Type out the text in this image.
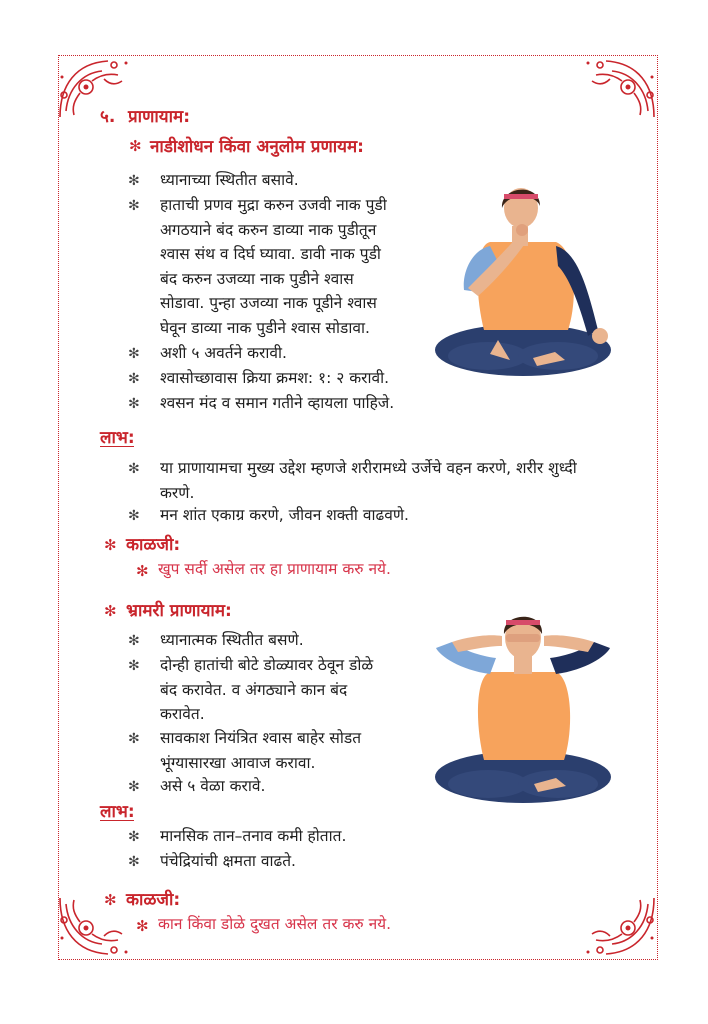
५. प्राणायाम:
✻ नाडीशोधन किंवा अनुलोम प्रणायम:
✻ ध्यानाच्या स्थितीत बसावे.
✻ हाताची प्रणव मुद्रा करुन उजवी नाक पुडी
अगठयाने बंद करुन डाव्या नाक पुडीतून
श्वास संथ व दिर्घ घ्यावा. डावी नाक पुडी
बंद करुन उजव्या नाक पुडीने श्वास
सोडावा. पुन्हा उजव्या नाक पूडीने श्वास
घेवून डाव्या नाक पुडीने श्वास सोडावा.
✻ अशी ५ अवर्तने करावी.
✻ श्वासोच्छावास क्रिया क्रमश: १: २ करावी.
✻ श्वसन मंद व समान गतीने व्हायला पाहिजे.
लाभ:
✻ या प्राणायामचा मुख्य उद्देश म्हणजे शरीरामध्ये उर्जेचे वहन करणे, शरीर शुध्दी
करणे.
✻ मन शांत एकाग्र करणे, जीवन शक्ती वाढवणे.
✻ काळजी:
✻ खुप सर्दी असेल तर हा प्राणायाम करु नये.
✻ भ्रामरी प्राणायाम:
✻ ध्यानात्मक स्थितीत बसणे.
✻ दोन्ही हातांची बोटे डोळ्यावर ठेवून डोळे
बंद करावेत. व अंगठ्याने कान बंद
करावेत.
✻ सावकाश नियंत्रित श्वास बाहेर सोडत
भूंग्यासारखा आवाज करावा.
✻ असे ५ वेळा करावे.
लाभ:
✻ मानसिक तान–तनाव कमी होतात.
✻ पंचेद्रियांची क्षमता वाढते.
✻ काळजी:
✻ कान किंवा डोळे दुखत असेल तर करु नये.
